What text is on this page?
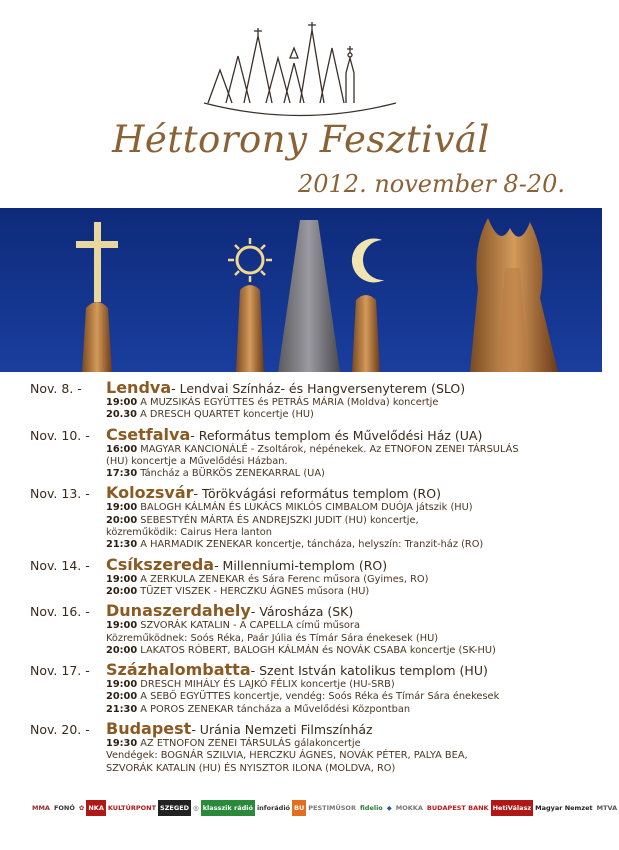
Héttorony Fesztivál
2012. november 8-20.
Nov. 8. -	Lendva - Lendvai Színház- és Hangversenyterem (SLO)
19:00 A MUZSIKÁS EGYÜTTES és PETRÁS MÁRIA (Moldva) koncertje
20.30 A DRESCH QUARTET koncertje (HU)
Nov. 10. -	Csetfalva - Református templom és Művelődési Ház (UA)
16:00 MAGYAR KANCIONÁLÉ - Zsoltárok, népénekek. Az ETNOFON ZENEI TÁRSULÁS
(HU) koncertje a Művelődési Házban.
17:30 Táncház a BÜRKÖS ZENEKARRAL (UA)
Nov. 13. -	Kolozsvár - Törökvágási református templom (RO)
19:00 BALOGH KÁLMÁN ÉS LUKÁCS MIKLÓS CIMBALOM DUÓJA játszik (HU)
20:00 SEBESTYÉN MÁRTA ÉS ANDREJSZKI JUDIT (HU) koncertje,
közreműködik: Cairus Hera lanton
21:30 A HARMADIK ZENEKAR koncertje, táncháza, helyszín: Tranzit-ház (RO)
Nov. 14. -	Csíkszereda - Millenniumi-templom (RO)
19:00 A ZERKULA ZENEKAR és Sára Ferenc műsora (Gyimes, RO)
20:00 TÜZET VISZEK - HERCZKU ÁGNES műsora (HU)
Nov. 16. -	Dunaszerdahely - Városháza (SK)
19:00 SZVORÁK KATALIN - A CAPELLA című műsora
Közreműködnek: Soós Réka, Paár Júlia és Tímár Sára énekesek (HU)
20:00 LAKATOS RÓBERT, BALOGH KÁLMÁN és NOVÁK CSABA koncertje (SK-HU)
Nov. 17. -	Százhalombatta - Szent István katolikus templom (HU)
19:00 DRESCH MIHÁLY ÉS LAJKÓ FÉLIX koncertje (HU-SRB)
20:00 A SEBŐ EGYÜTTES koncertje, vendég: Soós Réka és Tímár Sára énekesek
21:30 A POROS ZENEKAR táncháza a Művelődési Központban
Nov. 20. -	Budapest - Uránia Nemzeti Filmszínház
19:30 AZ ETNOFON ZENEI TÁRSULÁS gálakoncertje
Vendégek: BOGNÁR SZILVIA, HERCZKU ÁGNES, NOVÁK PÉTER, PALYA BEA,
SZVORÁK KATALIN (HU) ÉS NYISZTOR ILONA (MOLDVA, RO)
MMA FONÓ ✿ NKA KULTÚRPONT SZEGED ◎ klasszik rádió inforádió BU PESTIMŰSOR fidelio ◆ MOKKA BUDAPEST BANK HetiVálasz Magyar Nemzet MTVA
